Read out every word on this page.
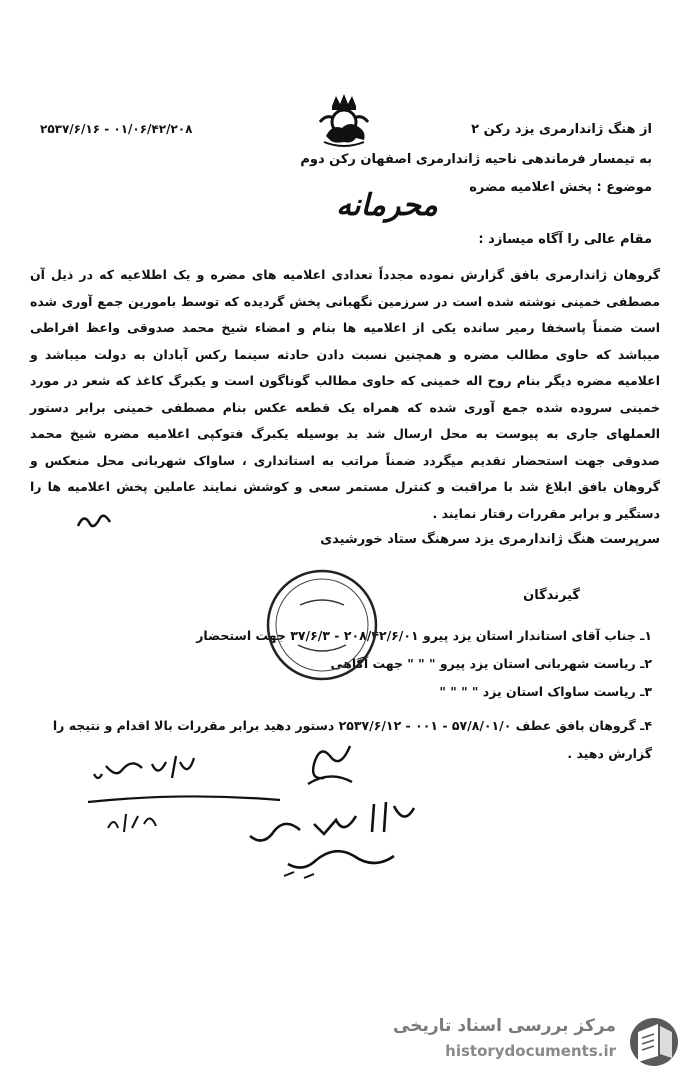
از هنگ ژاندارمری یزد رکن ۲
۲۵۳۷/۶/۱۶ - ۰۱/۰۶/۴۲/۲۰۸
به تیمسار فرماندهی ناحیه ژاندارمری اصفهان رکن دوم
موضوع : پخش اعلامیه مضره
محرمانه
مقام عالی را آگاه میسازد :

گروهان ژاندارمری بافق گزارش نموده مجدداً تعدادی اعلامیه های مضره و یک اطلاعیه که در ذیل آن مصطفی خمینی نوشته شده است در سرزمین نگهبانی پخش گردیده که توسط بامورین جمع آوری شده است ضمناً پاسخفا رمیر سانده یکی از اعلامیه ها بنام و امضاء شیخ محمد صدوقی واعظ افراطی میباشد که حاوی مطالب مضره و همچنین نسبت دادن حادثه سینما رکس آبادان به دولت میباشد و اعلامیه مضره دیگر بنام روح اله خمینی که حاوی مطالب گوناگون است و یکبرگ کاغذ که شعر در مورد خمینی سروده شده جمع آوری شده که همراه یک قطعه عکس بنام مصطفی خمینی برابر دستور العملهای جاری به پیوست به محل ارسال شد بد بوسیله یکبرگ فتوکپی اعلامیه مضره شیخ محمد صدوقی جهت استحضار تقدیم میگردد ضمناً مراتب به استانداری ، ساواک شهربانی محل منعکس و گروهان بافق ابلاغ شد با مراقبت و کنترل مستمر سعی و کوشش نمایند عاملین پخش اعلامیه ها را دستگیر و برابر مقررات رفتار نمایند .

سرپرست هنگ ژاندارمری یزد سرهنگ ستاد خورشیدی
گیرندگان
۱ـ جناب آقای استاندار استان یزد پیرو ۲۰۸/۴۲/۶/۰۱ - ۳۷/۶/۳ جهت استحضار
۲ـ ریاست شهربانی استان یزد پیرو " " " جهت آگاهی
۳ـ ریاست ساواک استان یزد " " " "
۴ـ گروهان بافق عطف ۵۷/۸/۰۱/۰ - ۰۰۱ - ۲۵۳۷/۶/۱۲ دستور دهید برابر مقررات بالا اقدام و نتیجه را گزارش دهید .
مرکز بررسی اسناد تاریخی
historydocuments.ir
